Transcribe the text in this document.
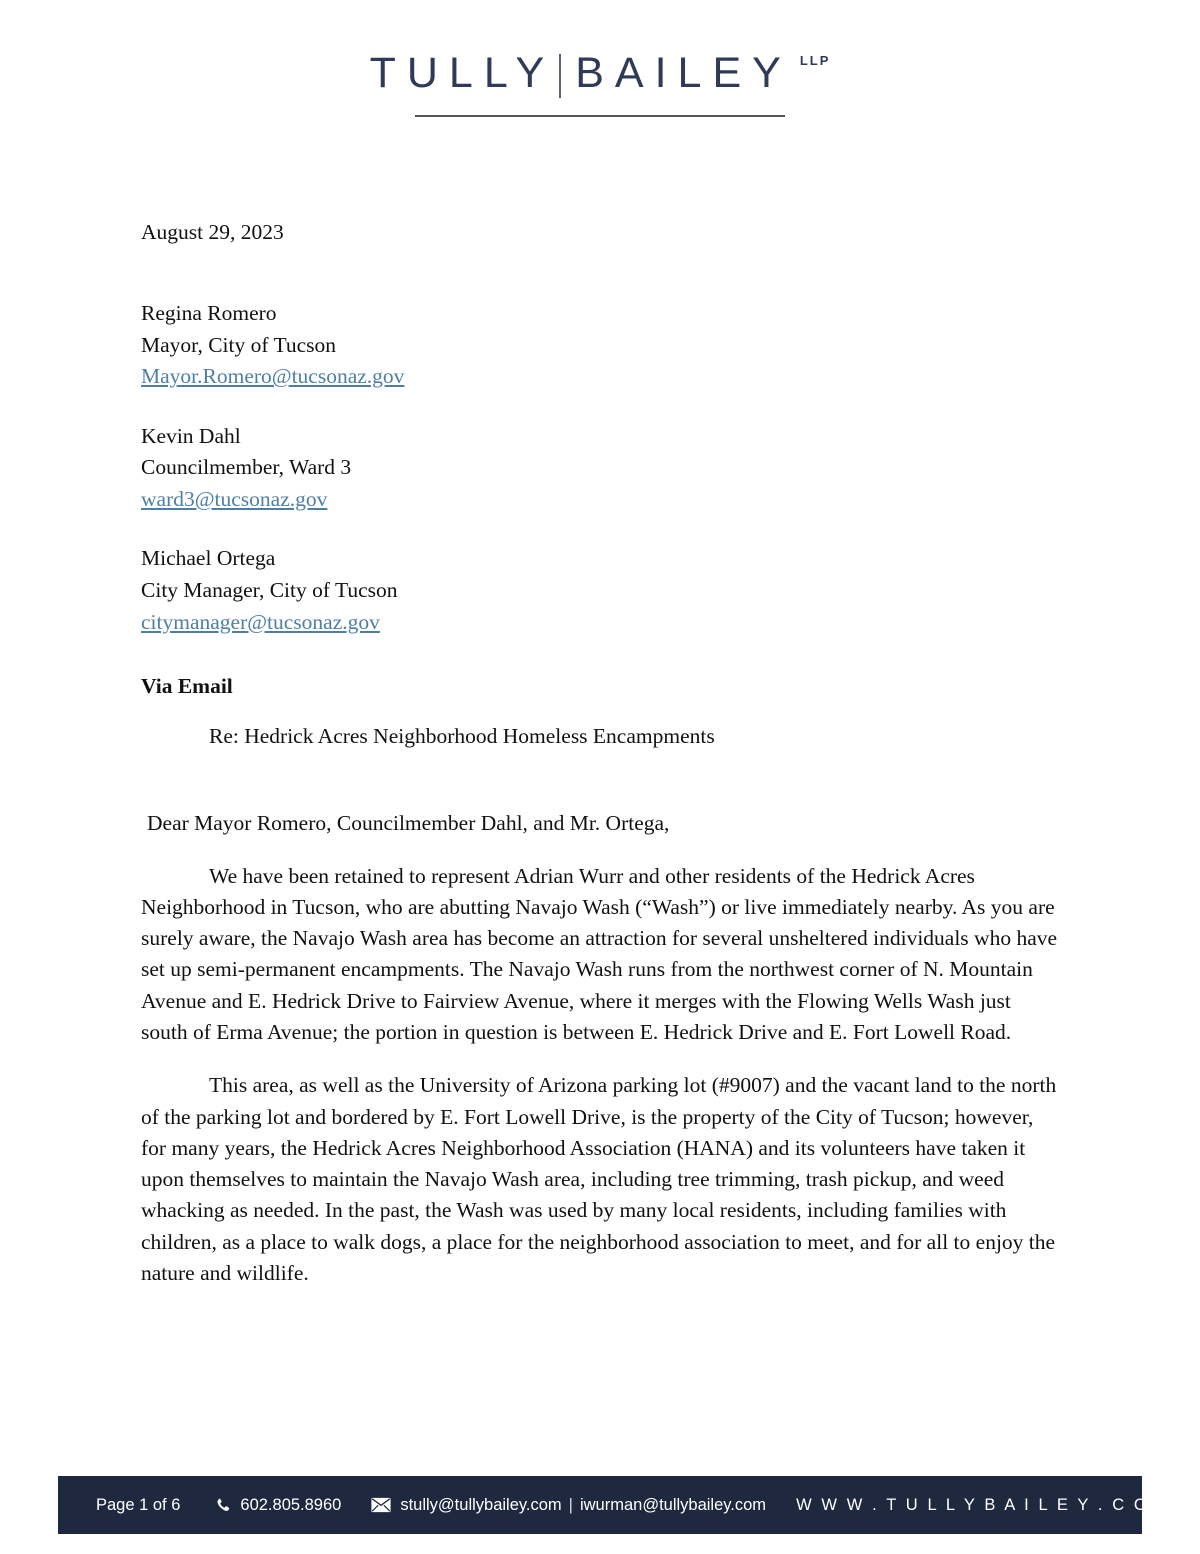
TULLY BAILEY LLP
August 29, 2023
Regina Romero
Mayor, City of Tucson
Mayor.Romero@tucsonaz.gov
Kevin Dahl
Councilmember, Ward 3
ward3@tucsonaz.gov
Michael Ortega
City Manager, City of Tucson
citymanager@tucsonaz.gov
Via Email
Re: Hedrick Acres Neighborhood Homeless Encampments
Dear Mayor Romero, Councilmember Dahl, and Mr. Ortega,

We have been retained to represent Adrian Wurr and other residents of the Hedrick Acres Neighborhood in Tucson, who are abutting Navajo Wash (“Wash”) or live immediately nearby. As you are surely aware, the Navajo Wash area has become an attraction for several unsheltered individuals who have set up semi-permanent encampments. The Navajo Wash runs from the northwest corner of N. Mountain Avenue and E. Hedrick Drive to Fairview Avenue, where it merges with the Flowing Wells Wash just south of Erma Avenue; the portion in question is between E. Hedrick Drive and E. Fort Lowell Road.

This area, as well as the University of Arizona parking lot (#9007) and the vacant land to the north of the parking lot and bordered by E. Fort Lowell Drive, is the property of the City of Tucson; however, for many years, the Hedrick Acres Neighborhood Association (HANA) and its volunteers have taken it upon themselves to maintain the Navajo Wash area, including tree trimming, trash pickup, and weed whacking as needed. In the past, the Wash was used by many local residents, including families with children, as a place to walk dogs, a place for the neighborhood association to meet, and for all to enjoy the nature and wildlife.

Page 1 of 6	602.805.8960	stully@tullybailey.com | iwurman@tullybailey.com W W W . T U L L Y B A I L E Y . C O M
